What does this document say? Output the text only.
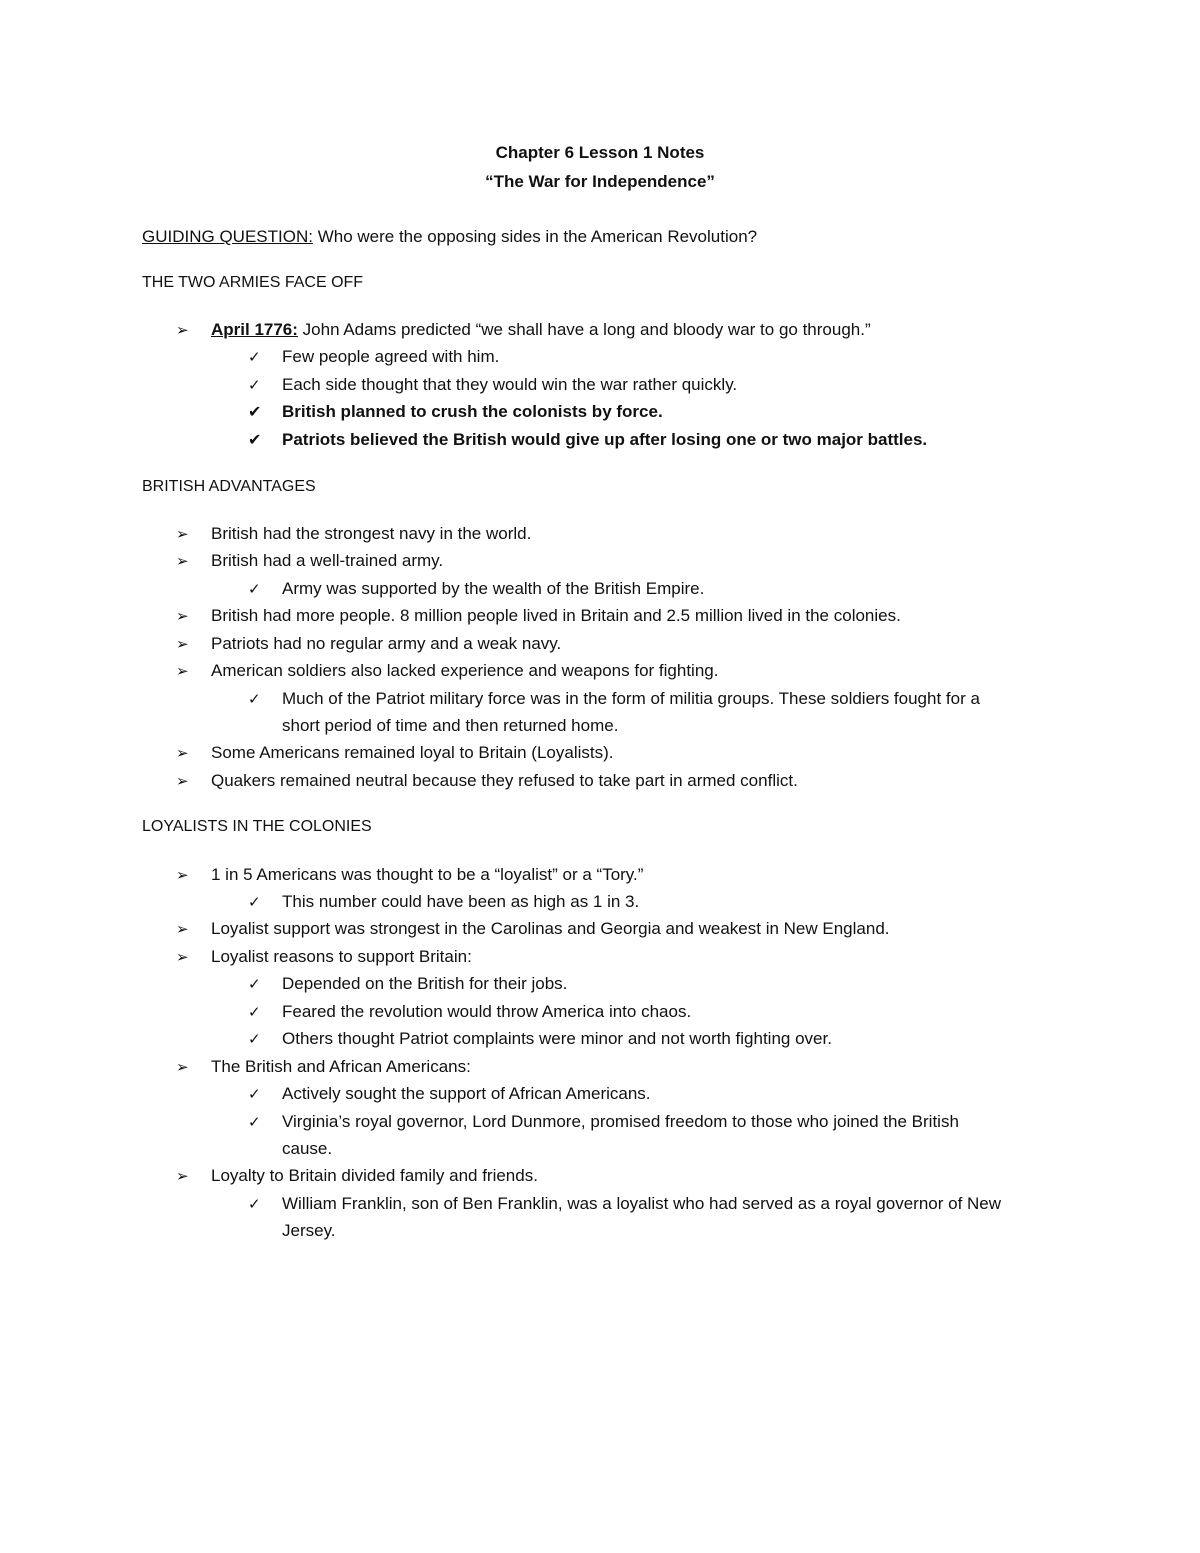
Chapter 6 Lesson 1 Notes
“The War for Independence”
GUIDING QUESTION: Who were the opposing sides in the American Revolution?
THE TWO ARMIES FACE OFF
➢ April 1776: John Adams predicted “we shall have a long and bloody war to go through.”
✓ Few people agreed with him.
✓ Each side thought that they would win the war rather quickly.
✔ British planned to crush the colonists by force.
✔ Patriots believed the British would give up after losing one or two major battles.
BRITISH ADVANTAGES
➢ British had the strongest navy in the world.
➢ British had a well-trained army.
✓ Army was supported by the wealth of the British Empire.
➢ British had more people. 8 million people lived in Britain and 2.5 million lived in the colonies.
➢ Patriots had no regular army and a weak navy.
➢ American soldiers also lacked experience and weapons for fighting.
✓ Much of the Patriot military force was in the form of militia groups. These soldiers fought for a
short period of time and then returned home.
➢ Some Americans remained loyal to Britain (Loyalists).
➢ Quakers remained neutral because they refused to take part in armed conflict.
LOYALISTS IN THE COLONIES
➢ 1 in 5 Americans was thought to be a “loyalist” or a “Tory.”
✓ This number could have been as high as 1 in 3.
➢ Loyalist support was strongest in the Carolinas and Georgia and weakest in New England.
➢ Loyalist reasons to support Britain:
✓ Depended on the British for their jobs.
✓ Feared the revolution would throw America into chaos.
✓ Others thought Patriot complaints were minor and not worth fighting over.
➢ The British and African Americans:
✓ Actively sought the support of African Americans.
✓ Virginia’s royal governor, Lord Dunmore, promised freedom to those who joined the British
cause.
➢ Loyalty to Britain divided family and friends.
✓ William Franklin, son of Ben Franklin, was a loyalist who had served as a royal governor of New
Jersey.
